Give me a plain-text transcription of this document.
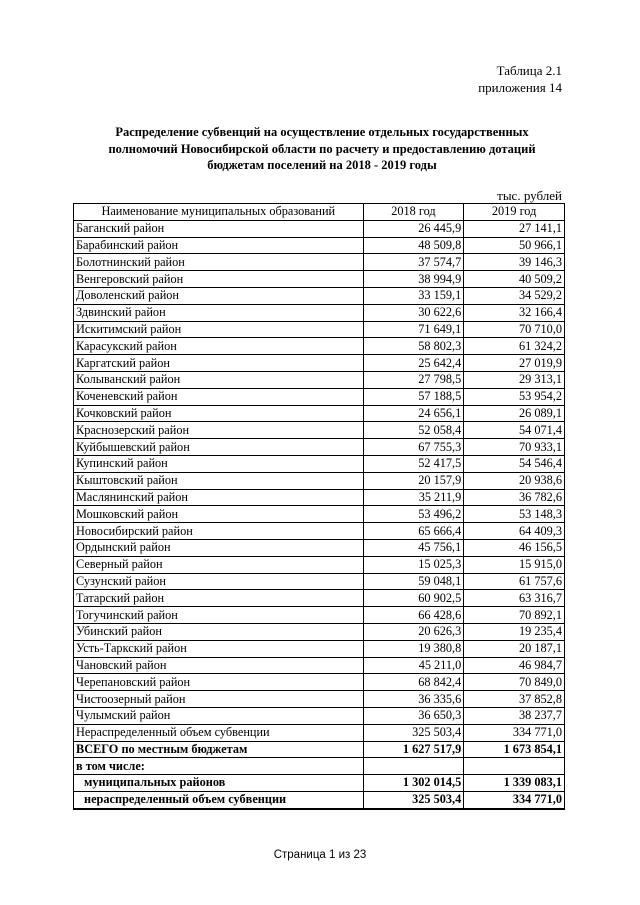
Таблица 2.1
приложения 14
Распределение субвенций на осуществление отдельных государственных
полномочий Новосибирской области по расчету и предоставлению дотаций
бюджетам поселений на 2018 - 2019 годы
тыс. рублей
Наименование муниципальных образований	2018 год	2019 год
Баганский район	26 445,9	27 141,1
Барабинский район	48 509,8	50 966,1
Болотнинский район	37 574,7	39 146,3
Венгеровский район	38 994,9	40 509,2
Доволенский район	33 159,1	34 529,2
Здвинский район	30 622,6	32 166,4
Искитимский район	71 649,1	70 710,0
Карасукский район	58 802,3	61 324,2
Каргатский район	25 642,4	27 019,9
Колыванский район	27 798,5	29 313,1
Коченевский район	57 188,5	53 954,2
Кочковский район	24 656,1	26 089,1
Краснозерский район	52 058,4	54 071,4
Куйбышевский район	67 755,3	70 933,1
Купинский район	52 417,5	54 546,4
Кыштовский район	20 157,9	20 938,6
Маслянинский район	35 211,9	36 782,6
Мошковский район	53 496,2	53 148,3
Новосибирский район	65 666,4	64 409,3
Ордынский район	45 756,1	46 156,5
Северный район	15 025,3	15 915,0
Сузунский район	59 048,1	61 757,6
Татарский район	60 902,5	63 316,7
Тогучинский район	66 428,6	70 892,1
Убинский район	20 626,3	19 235,4
Усть-Таркский район	19 380,8	20 187,1
Чановский район	45 211,0	46 984,7
Черепановский район	68 842,4	70 849,0
Чистоозерный район	36 335,6	37 852,8
Чулымский район	36 650,3	38 237,7
Нераспределенный объем субвенции	325 503,4	334 771,0
ВСЕГО по местным бюджетам	1 627 517,9	1 673 854,1
в том числе:		
муниципальных районов	1 302 014,5	1 339 083,1
нераспределенный объем субвенции	325 503,4	334 771,0
Страница 1 из 23
